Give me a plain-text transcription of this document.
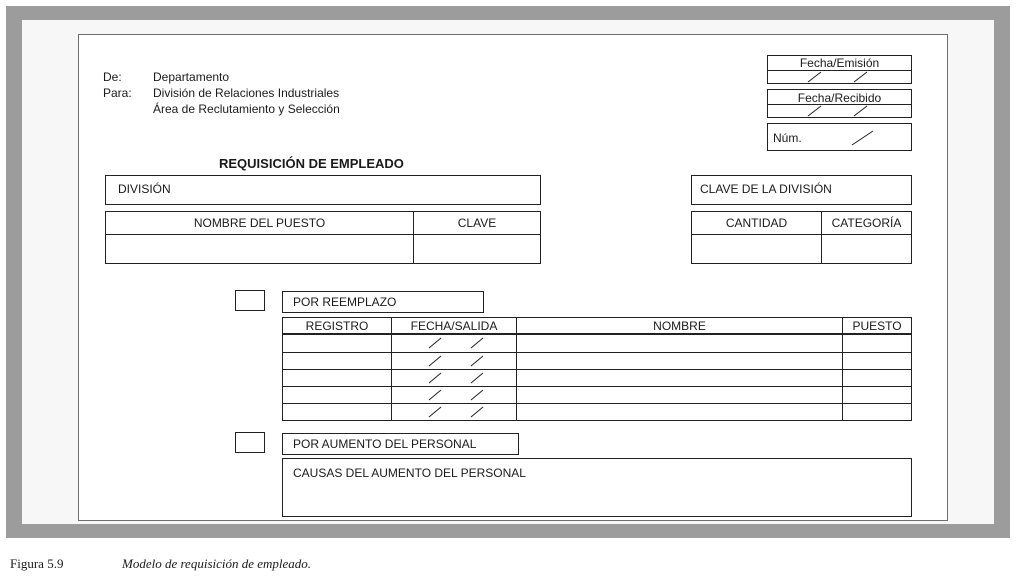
De:	Departamento
Para: División de Relaciones Industriales
Área de Reclutamiento y Selección
Fecha/Emisión
Fecha/Recibido
Núm.
REQUISICIÓN DE EMPLEADO
DIVISIÓN	CLAVE DE LA DIVISIÓN
NOMBRE DEL PUESTO	CLAVE	CANTIDAD	CATEGORÍA
POR REEMPLAZO
REGISTRO	FECHA/SALIDA	NOMBRE	PUESTO
POR AUMENTO DEL PERSONAL
CAUSAS DEL AUMENTO DEL PERSONAL
Figura 5.9	Modelo de requisición de empleado.
